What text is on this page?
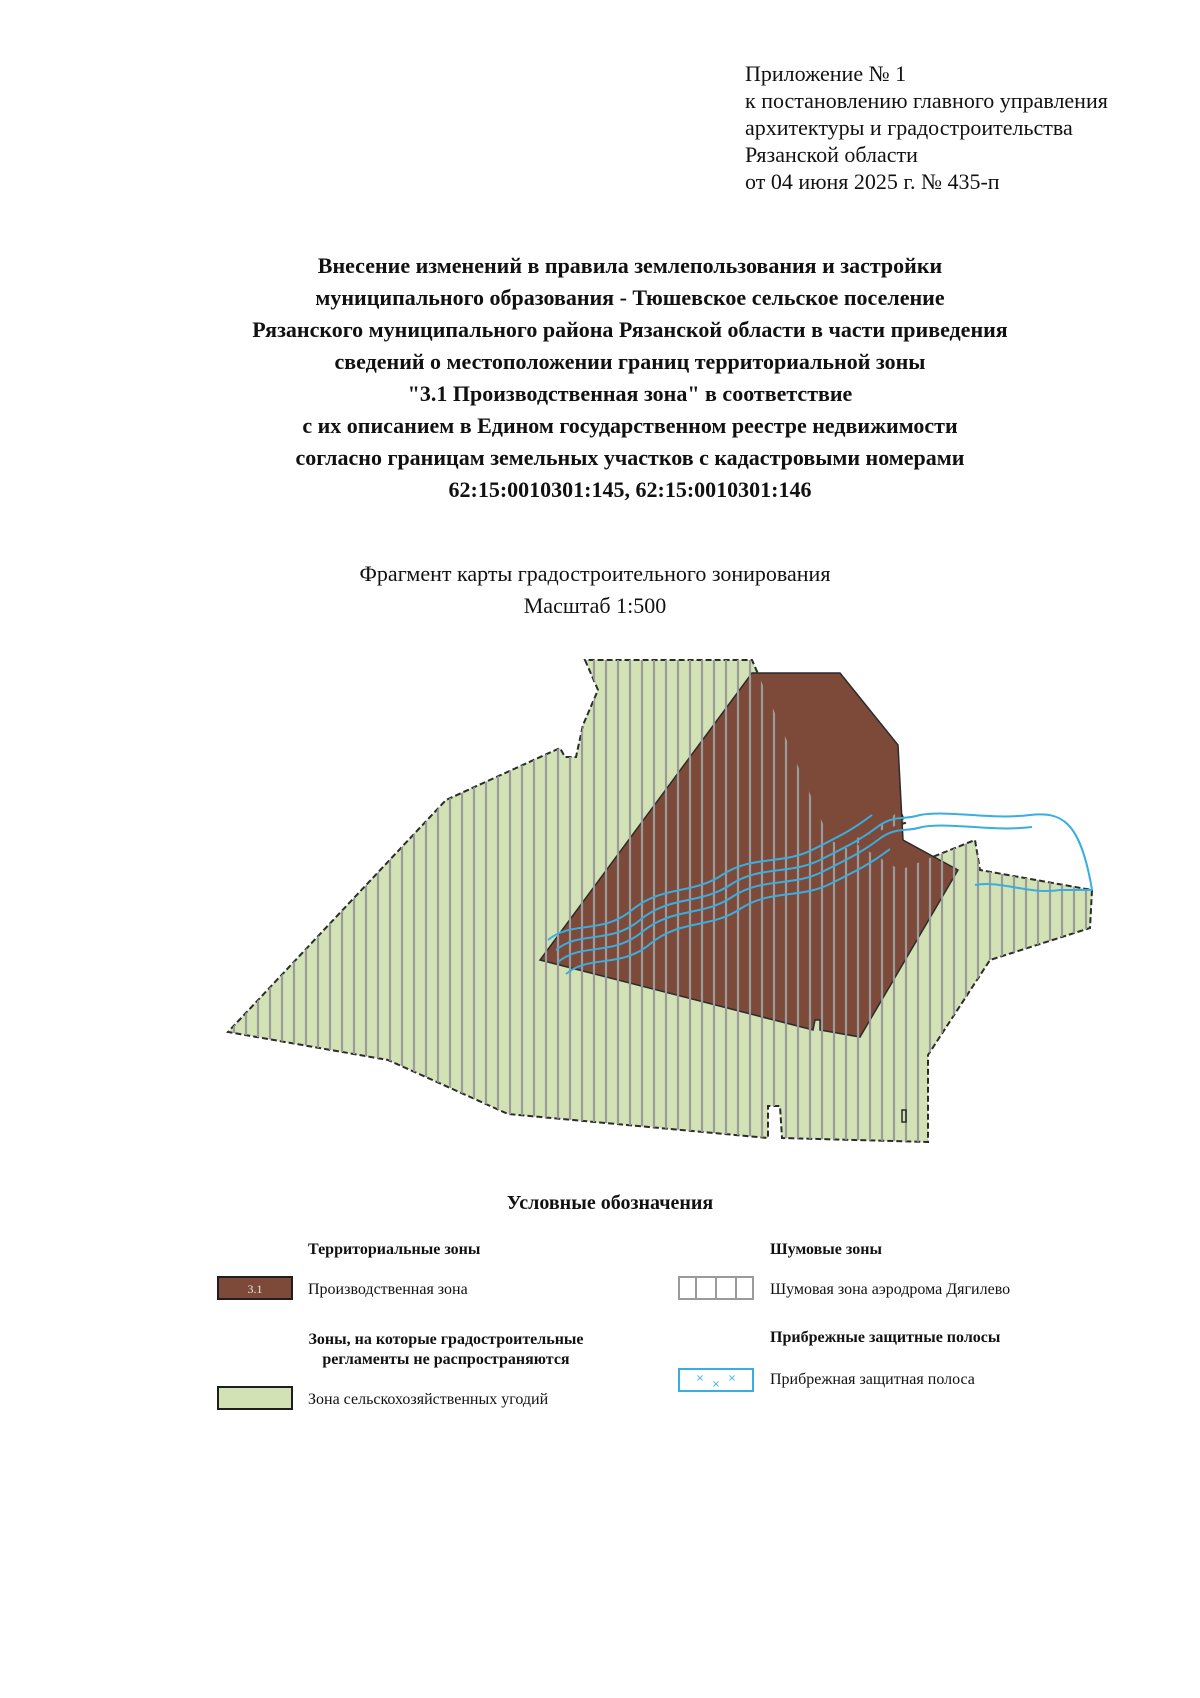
Приложение № 1
к постановлению главного управления
архитектуры и градостроительства
Рязанской области
от 04 июня 2025 г. № 435-п
Внесение изменений в правила землепользования и застройки
муниципального образования - Тюшевское сельское поселение
Рязанского муниципального района Рязанской области в части приведения
сведений о местоположении границ территориальной зоны
"3.1 Производственная зона" в соответствие
с их описанием в Едином государственном реестре недвижимости
согласно границам земельных участков с кадастровыми номерами
62:15:0010301:145, 62:15:0010301:146
Фрагмент карты градостроительного зонирования
Масштаб 1:500
3.1
×
×
×
Условные обозначения
Территориальные зоны
Производственная зона
Зоны, на которые градостроительные
регламенты не распространяются
Зона сельскохозяйственных угодий
Шумовые зоны
Шумовая зона аэродрома Дягилево
Прибрежные защитные полосы
Прибрежная защитная полоса
